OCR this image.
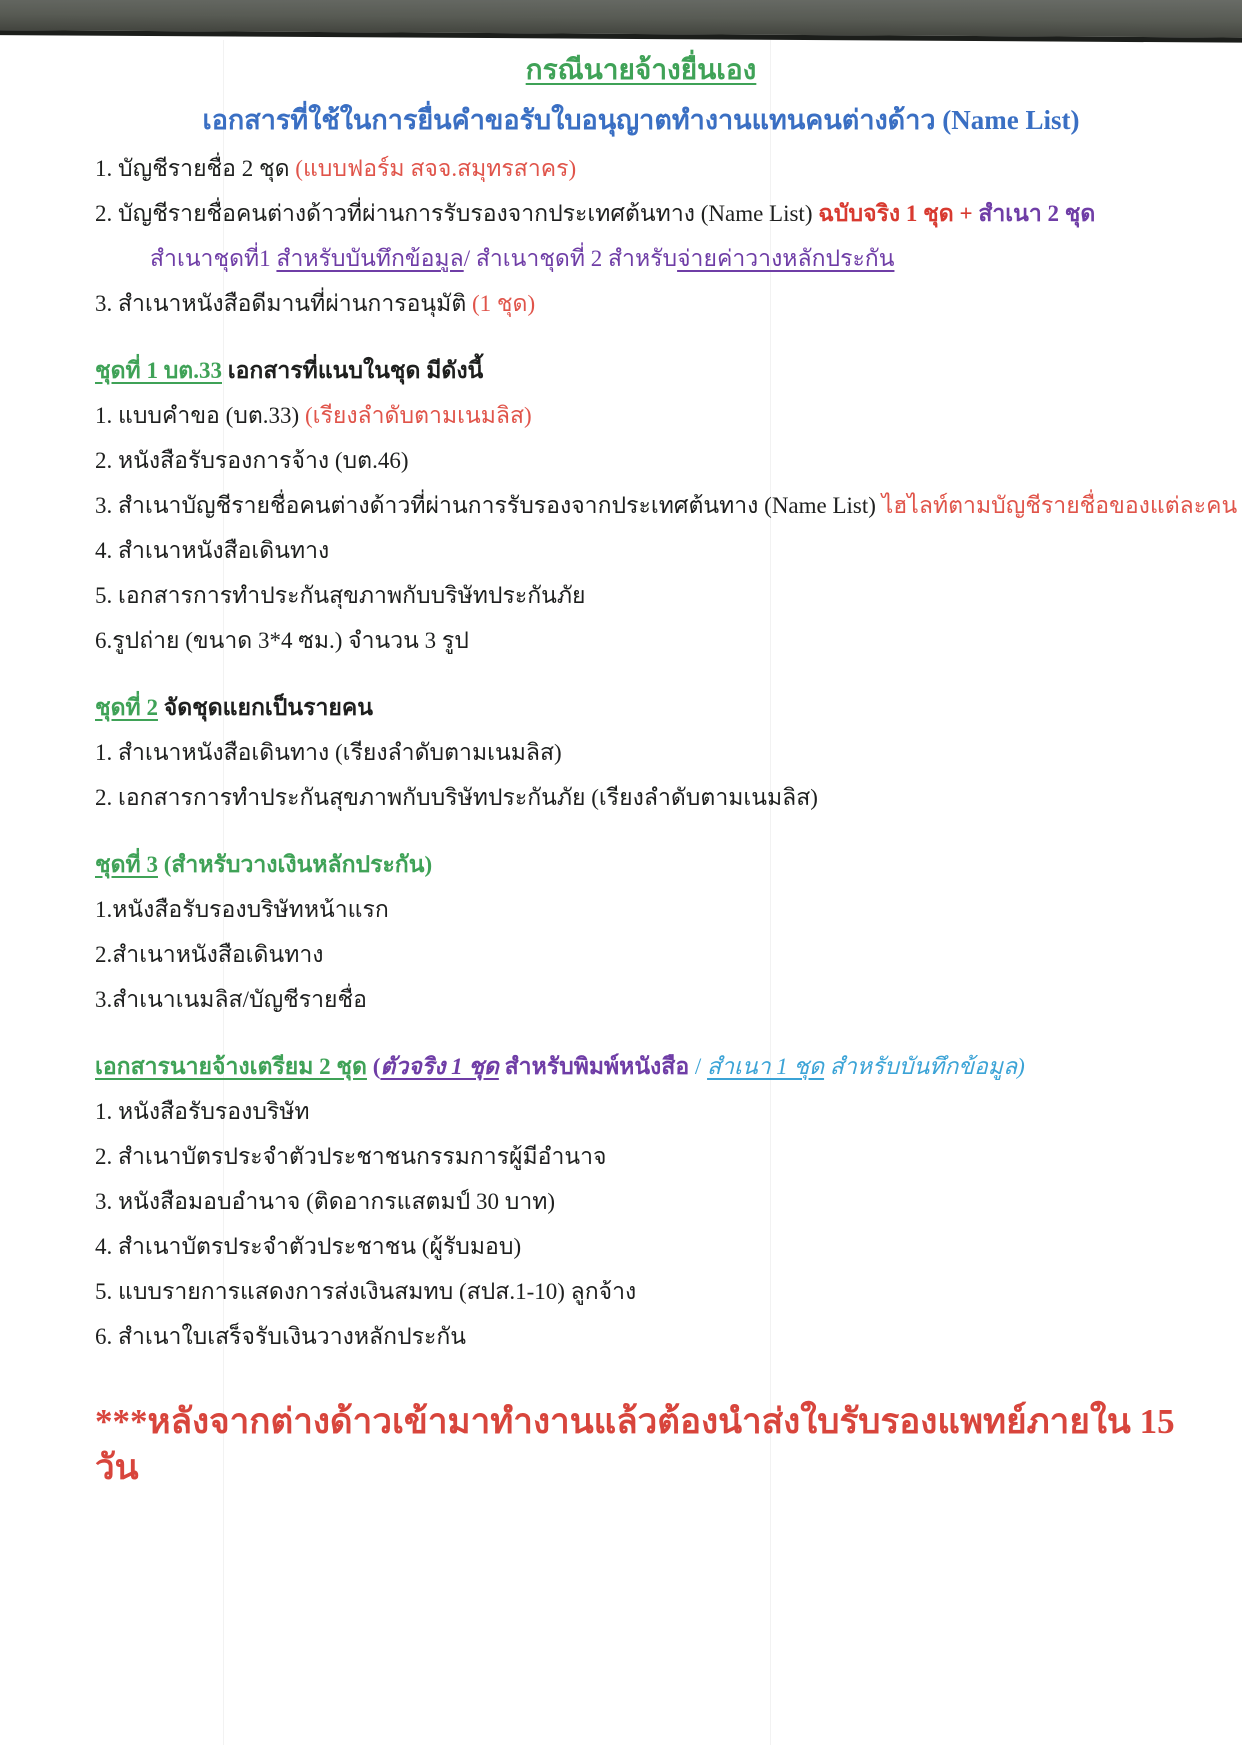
กรณีนายจ้างยื่นเอง
เอกสารที่ใช้ในการยื่นคำขอรับใบอนุญาตทำงานแทนคนต่างด้าว (Name List)
1. บัญชีรายชื่อ 2 ชุด (แบบฟอร์ม สจจ.สมุทรสาคร)
2. บัญชีรายชื่อคนต่างด้าวที่ผ่านการรับรองจากประเทศต้นทาง (Name List) ฉบับจริง 1 ชุด + สำเนา 2 ชุด
สำเนาชุดที่1 สำหรับบันทึกข้อมูล/ สำเนาชุดที่ 2 สำหรับจ่ายค่าวางหลักประกัน
3. สำเนาหนังสือดีมานที่ผ่านการอนุมัติ (1 ชุด)
ชุดที่ 1 บต.33 เอกสารที่แนบในชุด มีดังนี้
1. แบบคำขอ (บต.33) (เรียงลำดับตามเนมลิส)
2. หนังสือรับรองการจ้าง (บต.46)
3. สำเนาบัญชีรายชื่อคนต่างด้าวที่ผ่านการรับรองจากประเทศต้นทาง (Name List) ไฮไลท์ตามบัญชีรายชื่อของแต่ละคน
4. สำเนาหนังสือเดินทาง
5. เอกสารการทำประกันสุขภาพกับบริษัทประกันภัย
6.รูปถ่าย (ขนาด 3*4 ซม.) จำนวน 3 รูป
ชุดที่ 2 จัดชุดแยกเป็นรายคน
1. สำเนาหนังสือเดินทาง (เรียงลำดับตามเนมลิส)
2. เอกสารการทำประกันสุขภาพกับบริษัทประกันภัย (เรียงลำดับตามเนมลิส)
ชุดที่ 3 (สำหรับวางเงินหลักประกัน)
1.หนังสือรับรองบริษัทหน้าแรก
2.สำเนาหนังสือเดินทาง
3.สำเนาเนมลิส/บัญชีรายชื่อ
เอกสารนายจ้างเตรียม 2 ชุด (ตัวจริง 1 ชุด สำหรับพิมพ์หนังสือ / สำเนา 1 ชุด สำหรับบันทึกข้อมูล)
1. หนังสือรับรองบริษัท
2. สำเนาบัตรประจำตัวประชาชนกรรมการผู้มีอำนาจ
3. หนังสือมอบอำนาจ (ติดอากรแสตมป์ 30 บาท)
4. สำเนาบัตรประจำตัวประชาชน (ผู้รับมอบ)
5. แบบรายการแสดงการส่งเงินสมทบ (สปส.1-10) ลูกจ้าง
6. สำเนาใบเสร็จรับเงินวางหลักประกัน
***หลังจากต่างด้าวเข้ามาทำงานแล้วต้องนำส่งใบรับรองแพทย์ภายใน 15 วัน
